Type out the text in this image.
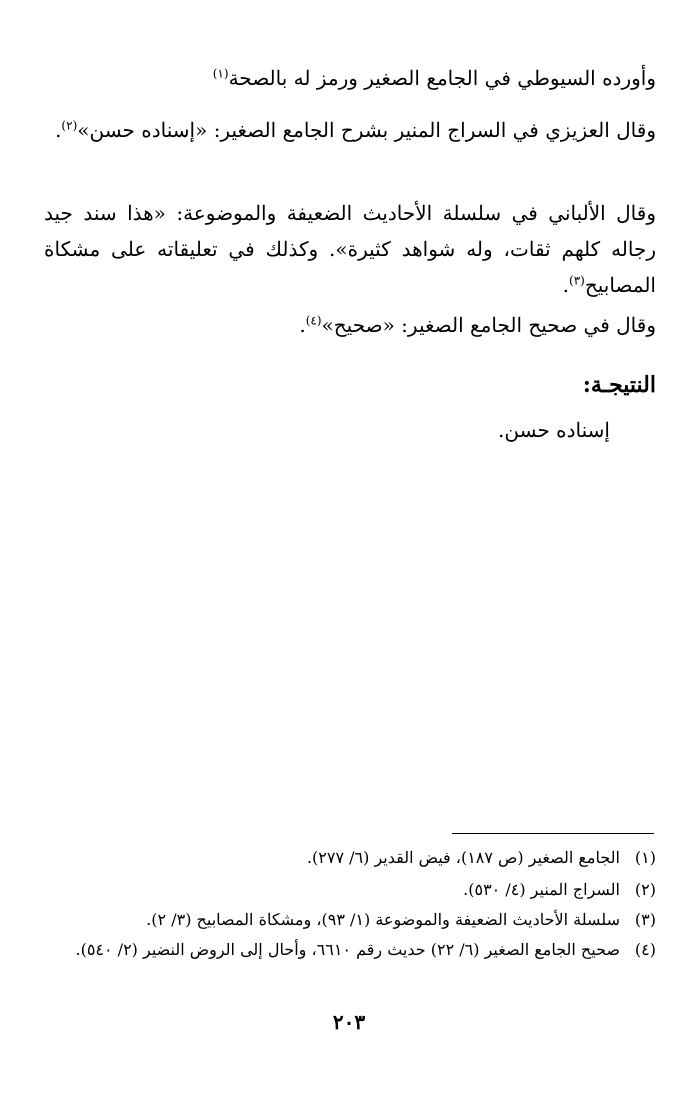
وأورده السيوطي في الجامع الصغير ورمز له بالصحة$^{(١)}$

وقال العزيزي في السراج المنير بشرح الجامع الصغير: «إسناده حسن»$^{(٢)}$.

وقال الألباني في سلسلة الأحاديث الضعيفة والموضوعة: «هذا سند جيد رجاله كلهم ثقات، وله شواهد كثيرة». وكذلك في تعليقاته على مشكاة المصابيح$^{(٣)}$.

وقال في صحيح الجامع الصغير: «صحيح»$^{(٤)}$.

النتيجـة:

إسناده حسن.

(١)
الجامع الصغير (ص ١٨٧)، فيض القدير (٦/ ٢٧٧).
(٢)
السراج المنير (٤/ ٥٣٠).
(٣)
سلسلة الأحاديث الضعيفة والموضوعة (١/ ٩٣)، ومشكاة المصابيح (٣/ ٢).
(٤)
صحيح الجامع الصغير (٦/ ٢٢) حديث رقم ٦٦١٠، وأحال إلى الروض النضير (٢/ ٥٤٠).
٢٠٣
